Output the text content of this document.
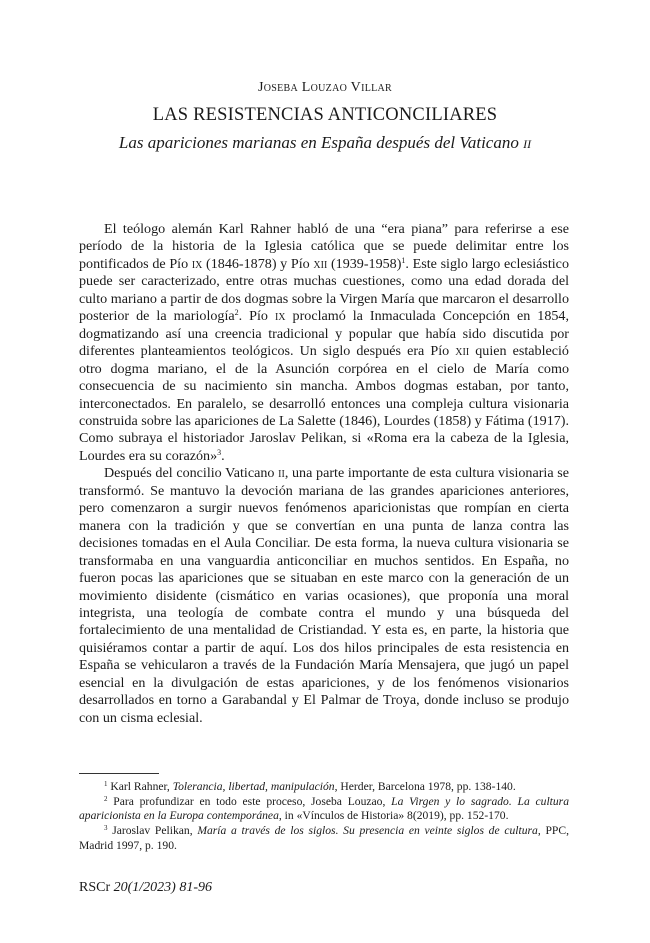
Joseba Louzao Villar
LAS RESISTENCIAS ANTICONCILIARES
Las apariciones marianas en España después del Vaticano ii

El teólogo alemán Karl Rahner habló de una “era piana” para referirse a ese período de la historia de la Iglesia católica que se puede delimitar entre los pontificados de Pío ix (1846-1878) y Pío xii (1939-1958)$^1$. Este siglo largo eclesiástico puede ser caracterizado, entre otras muchas cuestiones, como una edad dorada del culto mariano a partir de dos dogmas sobre la Virgen María que marcaron el desarrollo posterior de la mariología$^2$. Pío ix proclamó la Inmaculada Concepción en 1854, dogmatizando así una creencia tradicional y popular que había sido discutida por diferentes planteamientos teológicos. Un siglo después era Pío xii quien estableció otro dogma mariano, el de la Asunción corpórea en el cielo de María como consecuencia de su nacimiento sin mancha. Ambos dogmas estaban, por tanto, interconectados. En paralelo, se desarrolló entonces una compleja cultura visionaria construida sobre las apariciones de La Salette (1846), Lourdes (1858) y Fátima (1917). Como subraya el historiador Jaroslav Pelikan, si «Roma era la cabeza de la Iglesia, Lourdes era su corazón»$^3$.

Después del concilio Vaticano ii, una parte importante de esta cultura visionaria se transformó. Se mantuvo la devoción mariana de las grandes apariciones anteriores, pero comenzaron a surgir nuevos fenómenos aparicionistas que rompían en cierta manera con la tradición y que se convertían en una punta de lanza contra las decisiones tomadas en el Aula Conciliar. De esta forma, la nueva cultura visionaria se transformaba en una vanguardia anticonciliar en muchos sentidos. En España, no fueron pocas las apariciones que se situaban en este marco con la generación de un movimiento disidente (cismático en varias ocasiones), que proponía una moral integrista, una teología de combate contra el mundo y una búsqueda del fortalecimiento de una mentalidad de Cristiandad. Y esta es, en parte, la historia que quisiéramos contar a partir de aquí. Los dos hilos principales de esta resistencia en España se vehicularon a través de la Fundación María Mensajera, que jugó un papel esencial en la divulgación de estas apariciones, y de los fenómenos visionarios desarrollados en torno a Garabandal y El Palmar de Troya, donde incluso se produjo con un cisma eclesial.

$^1$ Karl Rahner, Tolerancia, libertad, manipulación, Herder, Barcelona 1978, pp. 138-140.

$^2$ Para profundizar en todo este proceso, Joseba Louzao, La Virgen y lo sagrado. La cultura aparicionista en la Europa contemporánea, in «Vínculos de Historia» 8(2019), pp. 152-170.

$^3$ Jaroslav Pelikan, María a través de los siglos. Su presencia en veinte siglos de cultura, PPC, Madrid 1997, p. 190.

RSCr 20(1/2023) 81-96
